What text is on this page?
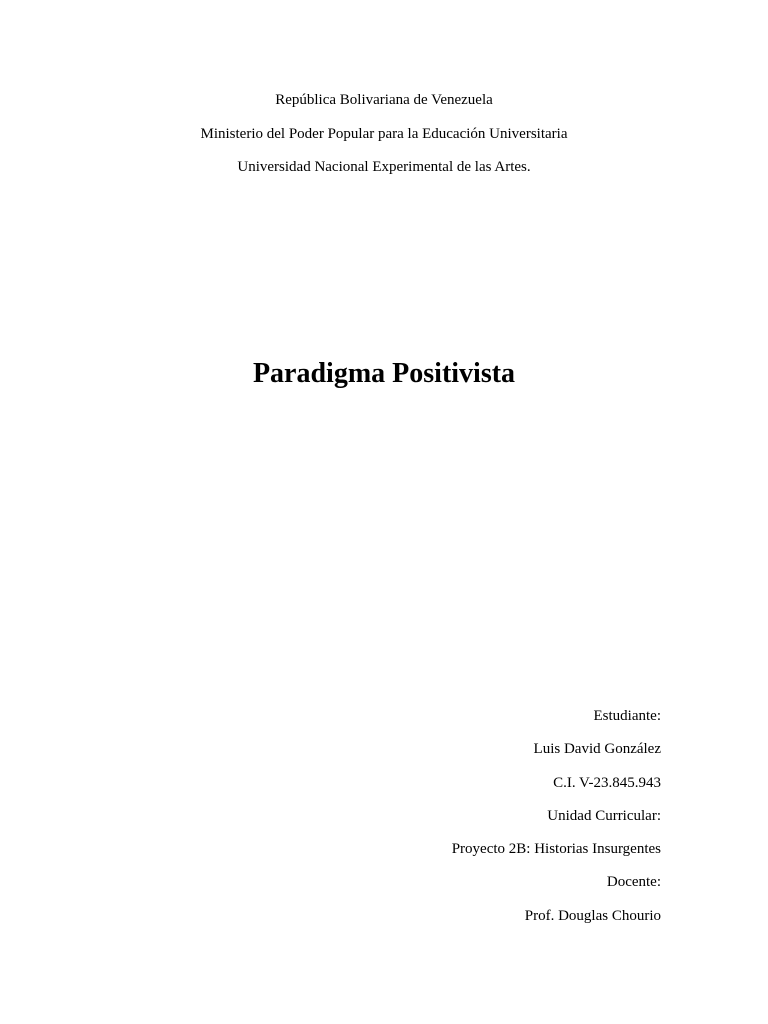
República Bolivariana de Venezuela
Ministerio del Poder Popular para la Educación Universitaria
Universidad Nacional Experimental de las Artes.
Paradigma Positivista
Estudiante:
Luis David González
C.I. V-23.845.943
Unidad Curricular:
Proyecto 2B: Historias Insurgentes
Docente:
Prof. Douglas Chourio
